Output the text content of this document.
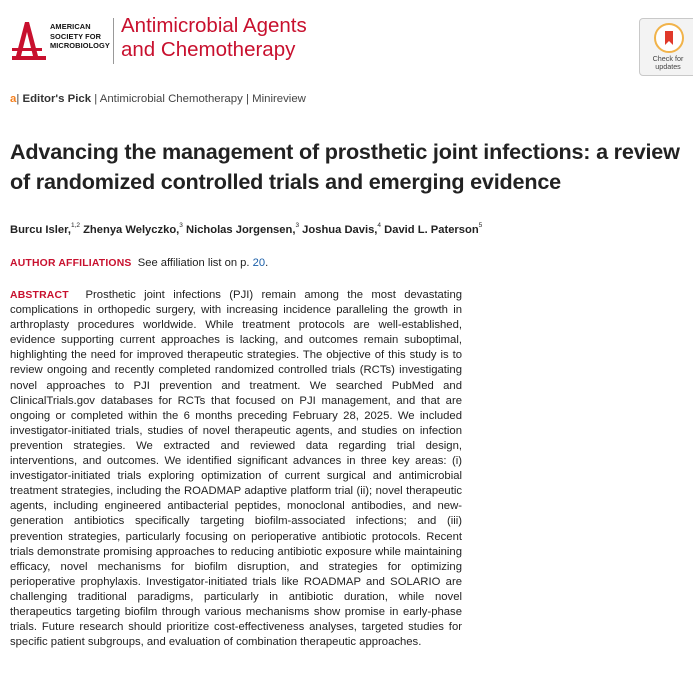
AMERICAN
SOCIETY FOR
MICROBIOLOGY
Antimicrobial Agents
and Chemotherapy	Check for
updates
a| Editor's Pick | Antimicrobial Chemotherapy | Minireview
Advancing the management of prosthetic joint infections: a review of randomized controlled trials and emerging evidence
Burcu Isler,$^{1,2}$ Zhenya Welyczko,$^3$ Nicholas Jorgensen,$^3$ Joshua Davis,$^4$ David L. Paterson$^5$
AUTHOR AFFILIATIONS See affiliation list on p. 20.
ABSTRACT Prosthetic joint infections (PJI) remain among the most devastating complications in orthopedic surgery, with increasing incidence paralleling the growth in arthroplasty procedures worldwide. While treatment protocols are well-established, evidence supporting current approaches is lacking, and outcomes remain suboptimal, highlighting the need for improved therapeutic strategies. The objective of this study is to review ongoing and recently completed randomized controlled trials (RCTs) investigating novel approaches to PJI prevention and treatment. We searched PubMed and ClinicalTrials.gov databases for RCTs that focused on PJI management, and that are ongoing or completed within the 6 months preceding February 28, 2025. We included investigator-initiated trials, studies of novel therapeutic agents, and studies on infection prevention strategies. We extracted and reviewed data regarding trial design, interventions, and outcomes. We identified significant advances in three key areas: (i) investigator-initiated trials exploring optimization of current surgical and antimicrobial treatment strategies, including the ROADMAP adaptive platform trial (ii); novel therapeutic agents, including engineered antibacterial peptides, monoclonal antibodies, and new-generation antibiotics specifically targeting biofilm-associated infections; and (iii) prevention strategies, particularly focusing on perioperative antibiotic protocols. Recent trials demonstrate promising approaches to reducing antibiotic exposure while maintaining efficacy, novel mechanisms for biofilm disruption, and strategies for optimizing perioperative prophylaxis. Investigator-initiated trials like ROADMAP and SOLARIO are challenging traditional paradigms, particularly in antibiotic duration, while novel therapeutics targeting biofilm through various mechanisms show promise in early-phase trials. Future research should prioritize cost-effectiveness analyses, targeted studies for specific patient subgroups, and evaluation of combination therapeutic approaches.
